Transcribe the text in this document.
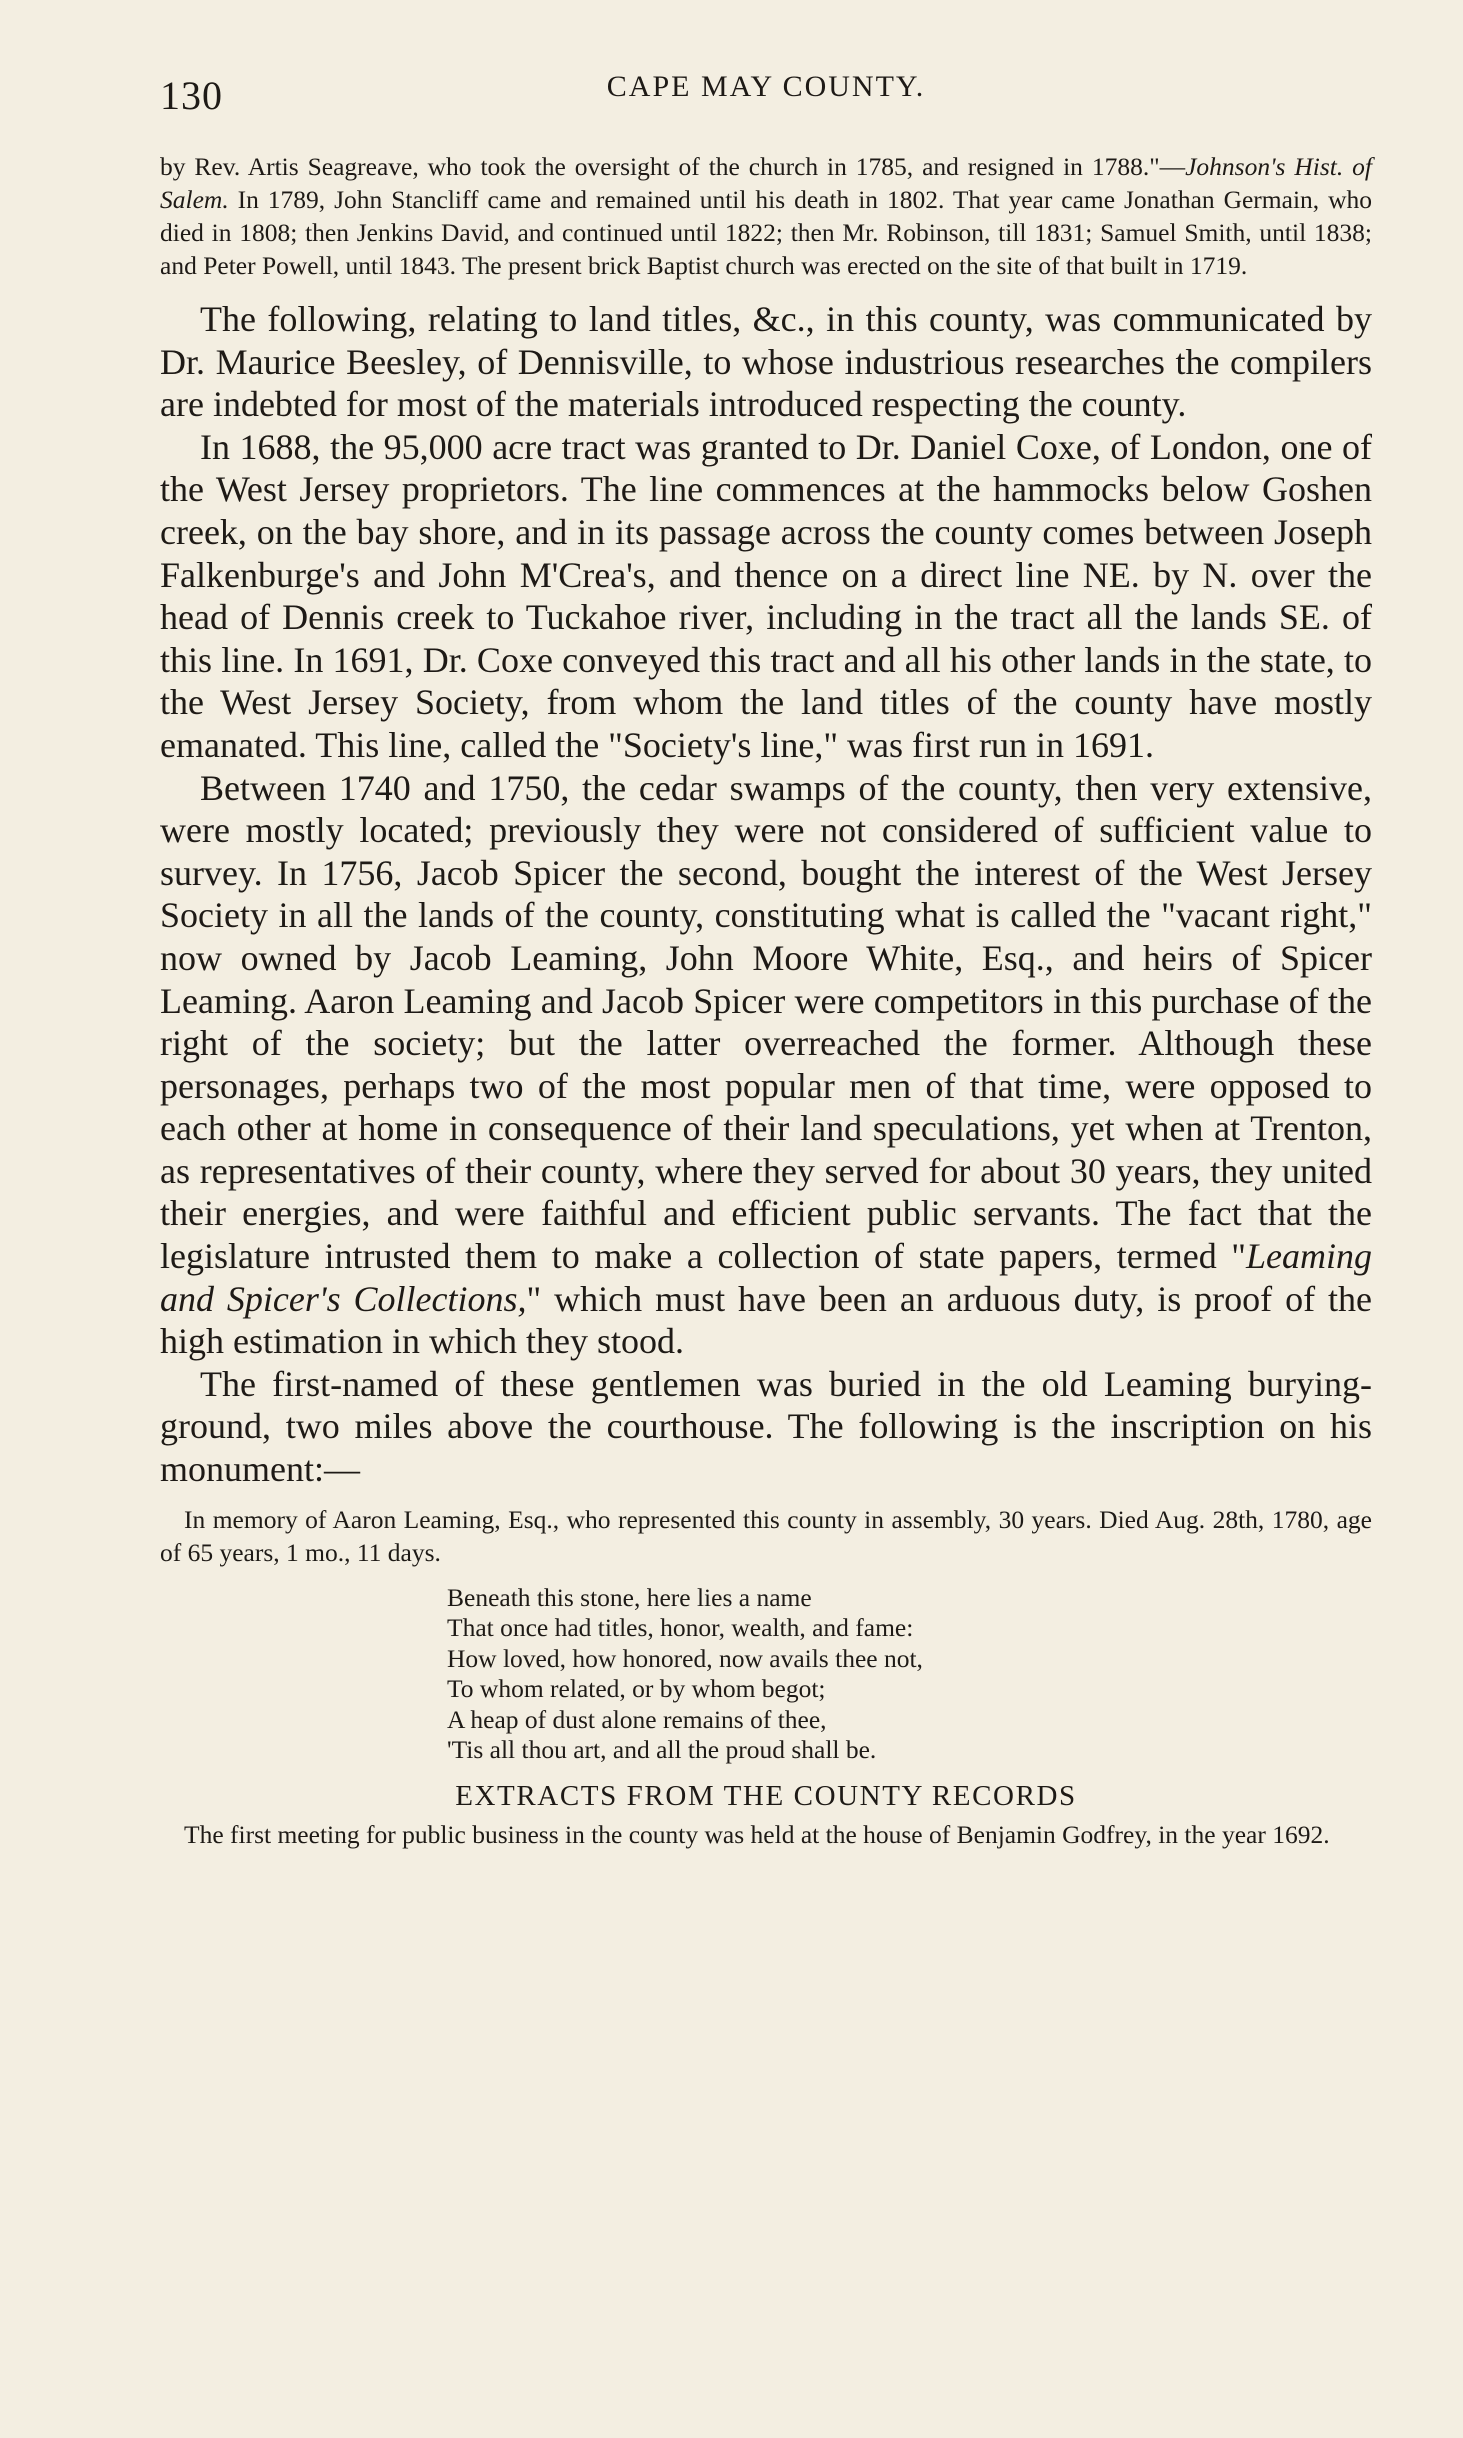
130	CAPE MAY COUNTY.
by Rev. Artis Seagreave, who took the oversight of the church in 1785, and resigned in 1788."—Johnson's Hist. of Salem. In 1789, John Stancliff came and remained until his death in 1802. That year came Jonathan Germain, who died in 1808; then Jenkins David, and continued until 1822; then Mr. Robinson, till 1831; Samuel Smith, until 1838; and Peter Powell, until 1843. The present brick Baptist church was erected on the site of that built in 1719.

The following, relating to land titles, &c., in this county, was communicated by Dr. Maurice Beesley, of Dennisville, to whose industrious researches the compilers are indebted for most of the materials introduced respecting the county.

In 1688, the 95,000 acre tract was granted to Dr. Daniel Coxe, of London, one of the West Jersey proprietors. The line commences at the hammocks below Goshen creek, on the bay shore, and in its passage across the county comes between Joseph Falkenburge's and John M'Crea's, and thence on a direct line NE. by N. over the head of Dennis creek to Tuckahoe river, including in the tract all the lands SE. of this line. In 1691, Dr. Coxe conveyed this tract and all his other lands in the state, to the West Jersey Society, from whom the land titles of the county have mostly emanated. This line, called the "Society's line," was first run in 1691.

Between 1740 and 1750, the cedar swamps of the county, then very extensive, were mostly located; previously they were not considered of sufficient value to survey. In 1756, Jacob Spicer the second, bought the interest of the West Jersey Society in all the lands of the county, constituting what is called the "vacant right," now owned by Jacob Leaming, John Moore White, Esq., and heirs of Spicer Leaming. Aaron Leaming and Jacob Spicer were competitors in this purchase of the right of the society; but the latter overreached the former. Although these personages, perhaps two of the most popular men of that time, were opposed to each other at home in consequence of their land speculations, yet when at Trenton, as representatives of their county, where they served for about 30 years, they united their energies, and were faithful and efficient public servants. The fact that the legislature intrusted them to make a collection of state papers, termed "Leaming and Spicer's Collections," which must have been an arduous duty, is proof of the high estimation in which they stood.

The first-named of these gentlemen was buried in the old Leaming burying-ground, two miles above the courthouse. The following is the inscription on his monument:—

In memory of Aaron Leaming, Esq., who represented this county in assembly, 30 years. Died Aug. 28th, 1780, age of 65 years, 1 mo., 11 days.
Beneath this stone, here lies a name
That once had titles, honor, wealth, and fame:
How loved, how honored, now avails thee not,
To whom related, or by whom begot;
A heap of dust alone remains of thee,
'Tis all thou art, and all the proud shall be.
EXTRACTS FROM THE COUNTY RECORDS
The first meeting for public business in the county was held at the house of Benjamin Godfrey, in the year 1692.
